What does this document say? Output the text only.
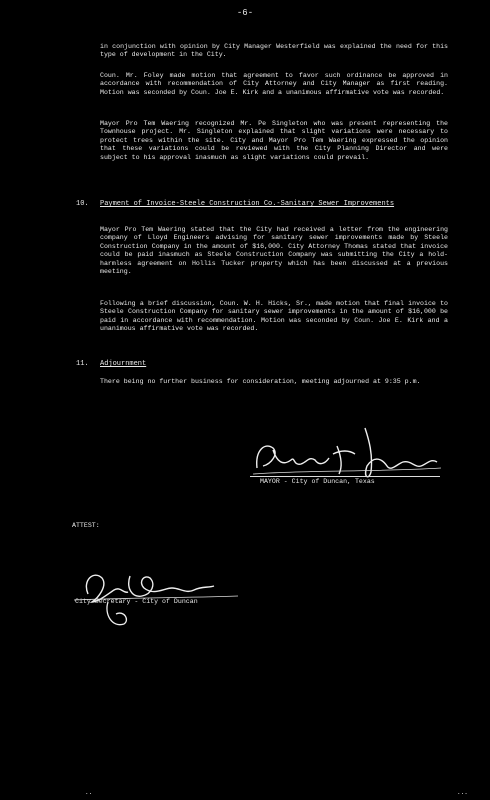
-6-

in conjunction with opinion by City Manager Westerfield was explained the need for this type of development in the City.

Coun. Mr. Foley made motion that agreement to favor such ordinance be approved in accordance with recommendation of City Attorney and City Manager as first reading. Motion was seconded by Coun. Joe E. Kirk and a unanimous affirmative vote was recorded.

Mayor Pro Tem Waering recognized Mr. Pe Singleton who was present representing the Townhouse project. Mr. Singleton explained that slight variations were necessary to protect trees within the site. City and Mayor Pro Tem Waering expressed the opinion that these variations could be reviewed with the City Planning Director and were subject to his approval inasmuch as slight variations could prevail.

10. Payment of Invoice-Steele Construction Co.-Sanitary Sewer Improvements

Mayor Pro Tem Waering stated that the City had received a letter from the engineering company of Lloyd Engineers advising for sanitary sewer improvements made by Steele Construction Company in the amount of $16,000. City Attorney Thomas stated that invoice could be paid inasmuch as Steele Construction Company was submitting the City a hold-harmless agreement on Hollis Tucker property which has been discussed at a previous meeting.

Following a brief discussion, Coun. W. H. Hicks, Sr., made motion that final invoice to Steele Construction Company for sanitary sewer improvements in the amount of $16,000 be paid in accordance with recommendation. Motion was seconded by Coun. Joe E. Kirk and a unanimous affirmative vote was recorded.

11. Adjournment

There being no further business for consideration, meeting adjourned at 9:35 p.m.

MAYOR - City of Duncan, Texas
ATTEST:
City Secretary - City of Duncan
..	...
